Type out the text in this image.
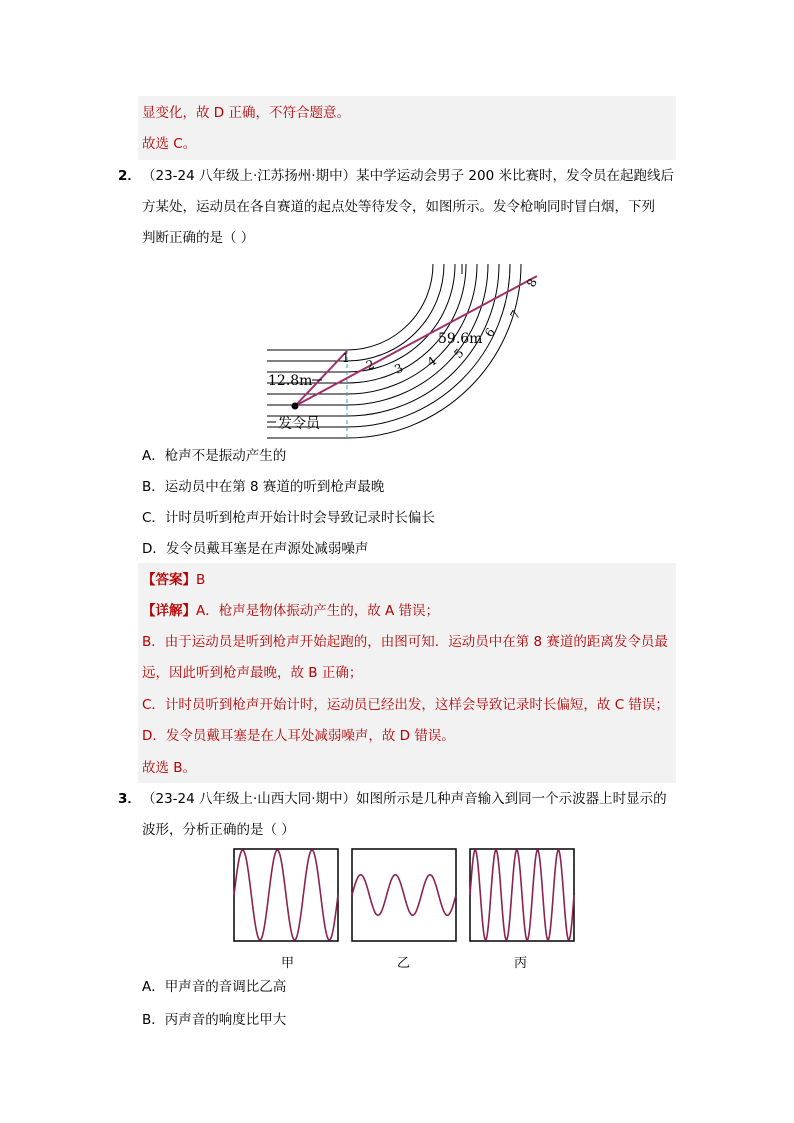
显变化，故 D 正确，不符合题意。
故选 C。
2． （23-24 八年级上·江苏扬州·期中）某中学运动会男子 200 米比赛时，发令员在起跑线后
方某处，运动员在各自赛道的起点处等待发令，如图所示。发令枪响同时冒白烟，下列
判断正确的是（ ）
12.8m
59.6m
发令员
1 2 3 4
5
6
7
8
A．枪声不是振动产生的
B．运动员中在第 8 赛道的听到枪声最晚
C．计时员听到枪声开始计时会导致记录时长偏长
D．发令员戴耳塞是在声源处减弱噪声
【答案】B
【详解】A．枪声是物体振动产生的，故 A 错误；
B．由于运动员是听到枪声开始起跑的，由图可知．运动员中在第 8 赛道的距离发令员最
远，因此听到枪声最晚，故 B 正确；
C．计时员听到枪声开始计时，运动员已经出发，这样会导致记录时长偏短，故 C 错误；
D．发令员戴耳塞是在人耳处减弱噪声，故 D 错误。
故选 B。
3． （23-24 八年级上·山西大同·期中）如图所示是几种声音输入到同一个示波器上时显示的
波形，分析正确的是（ ）
甲	乙	丙
A．甲声音的音调比乙高
B．丙声音的响度比甲大
